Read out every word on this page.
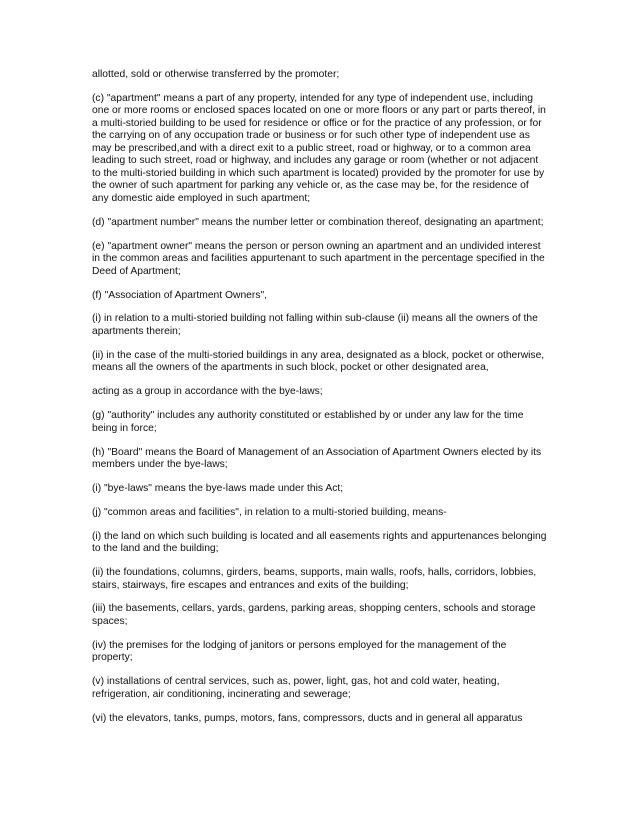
allotted, sold or otherwise transferred by the promoter;

(c) "apartment" means a part of any property, intended for any type of independent use, including one or more rooms or enclosed spaces located on one or more floors or any part or parts thereof, in a multi-storied building to be used for residence or office or for the practice of any profession, or for the carrying on of any occupation trade or business or for such other type of independent use as may be prescribed,and with a direct exit to a public street, road or highway, or to a common area leading to such street, road or highway, and includes any garage or room (whether or not adjacent to the multi-storied building in which such apartment is located) provided by the promoter for use by the owner of such apartment for parking any vehicle or, as the case may be, for the residence of any domestic aide employed in such apartment;

(d) "apartment number" means the number letter or combination thereof, designating an apartment;

(e) "apartment owner" means the person or person owning an apartment and an undivided interest in the common areas and facilities appurtenant to such apartment in the percentage specified in the Deed of Apartment;

(f) "Association of Apartment Owners",

(i) in relation to a multi-storied building not falling within sub-clause (ii) means all the owners of the apartments therein;

(ii) in the case of the multi-storied buildings in any area, designated as a block, pocket or otherwise, means all the owners of the apartments in such block, pocket or other designated area,

acting as a group in accordance with the bye-laws;

(g) "authority" includes any authority constituted or established by or under any law for the time being in force;

(h) "Board" means the Board of Management of an Association of Apartment Owners elected by its members under the bye-laws;

(i) "bye-laws" means the bye-laws made under this Act;

(j) "common areas and facilities", in relation to a multi-storied building, means-

(i) the land on which such building is located and all easements rights and appurtenances belonging to the land and the building;

(ii) the foundations, columns, girders, beams, supports, main walls, roofs, halls, corridors, lobbies, stairs, stairways, fire escapes and entrances and exits of the building;

(iii) the basements, cellars, yards, gardens, parking areas, shopping centers, schools and storage spaces;

(iv) the premises for the lodging of janitors or persons employed for the management of the property;

(v) installations of central services, such as, power, light, gas, hot and cold water, heating, refrigeration, air conditioning, incinerating and sewerage;

(vi) the elevators, tanks, pumps, motors, fans, compressors, ducts and in general all apparatus
